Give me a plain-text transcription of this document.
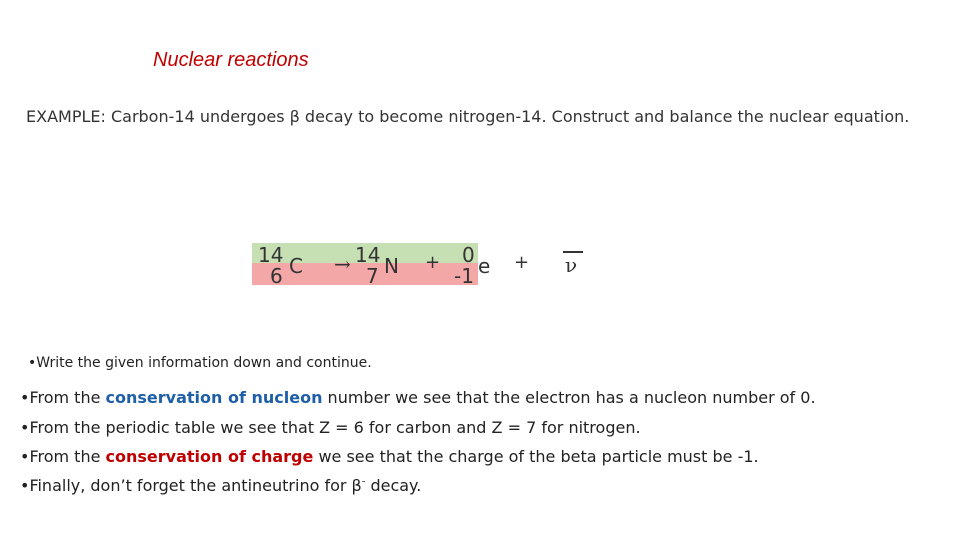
Nuclear reactions
EXAMPLE: Carbon-14 undergoes β decay to become nitrogen-14. Construct and balance the nuclear equation.
14
6 C → 14
7 N + 0
-1 e + ν
•Write the given information down and continue.
•From the conservation of nucleon number we see that the electron has a nucleon number of 0.
•From the periodic table we see that Z = 6 for carbon and Z = 7 for nitrogen.
•From the conservation of charge we see that the charge of the beta particle must be -1.
•Finally, don’t forget the antineutrino for β- decay.
